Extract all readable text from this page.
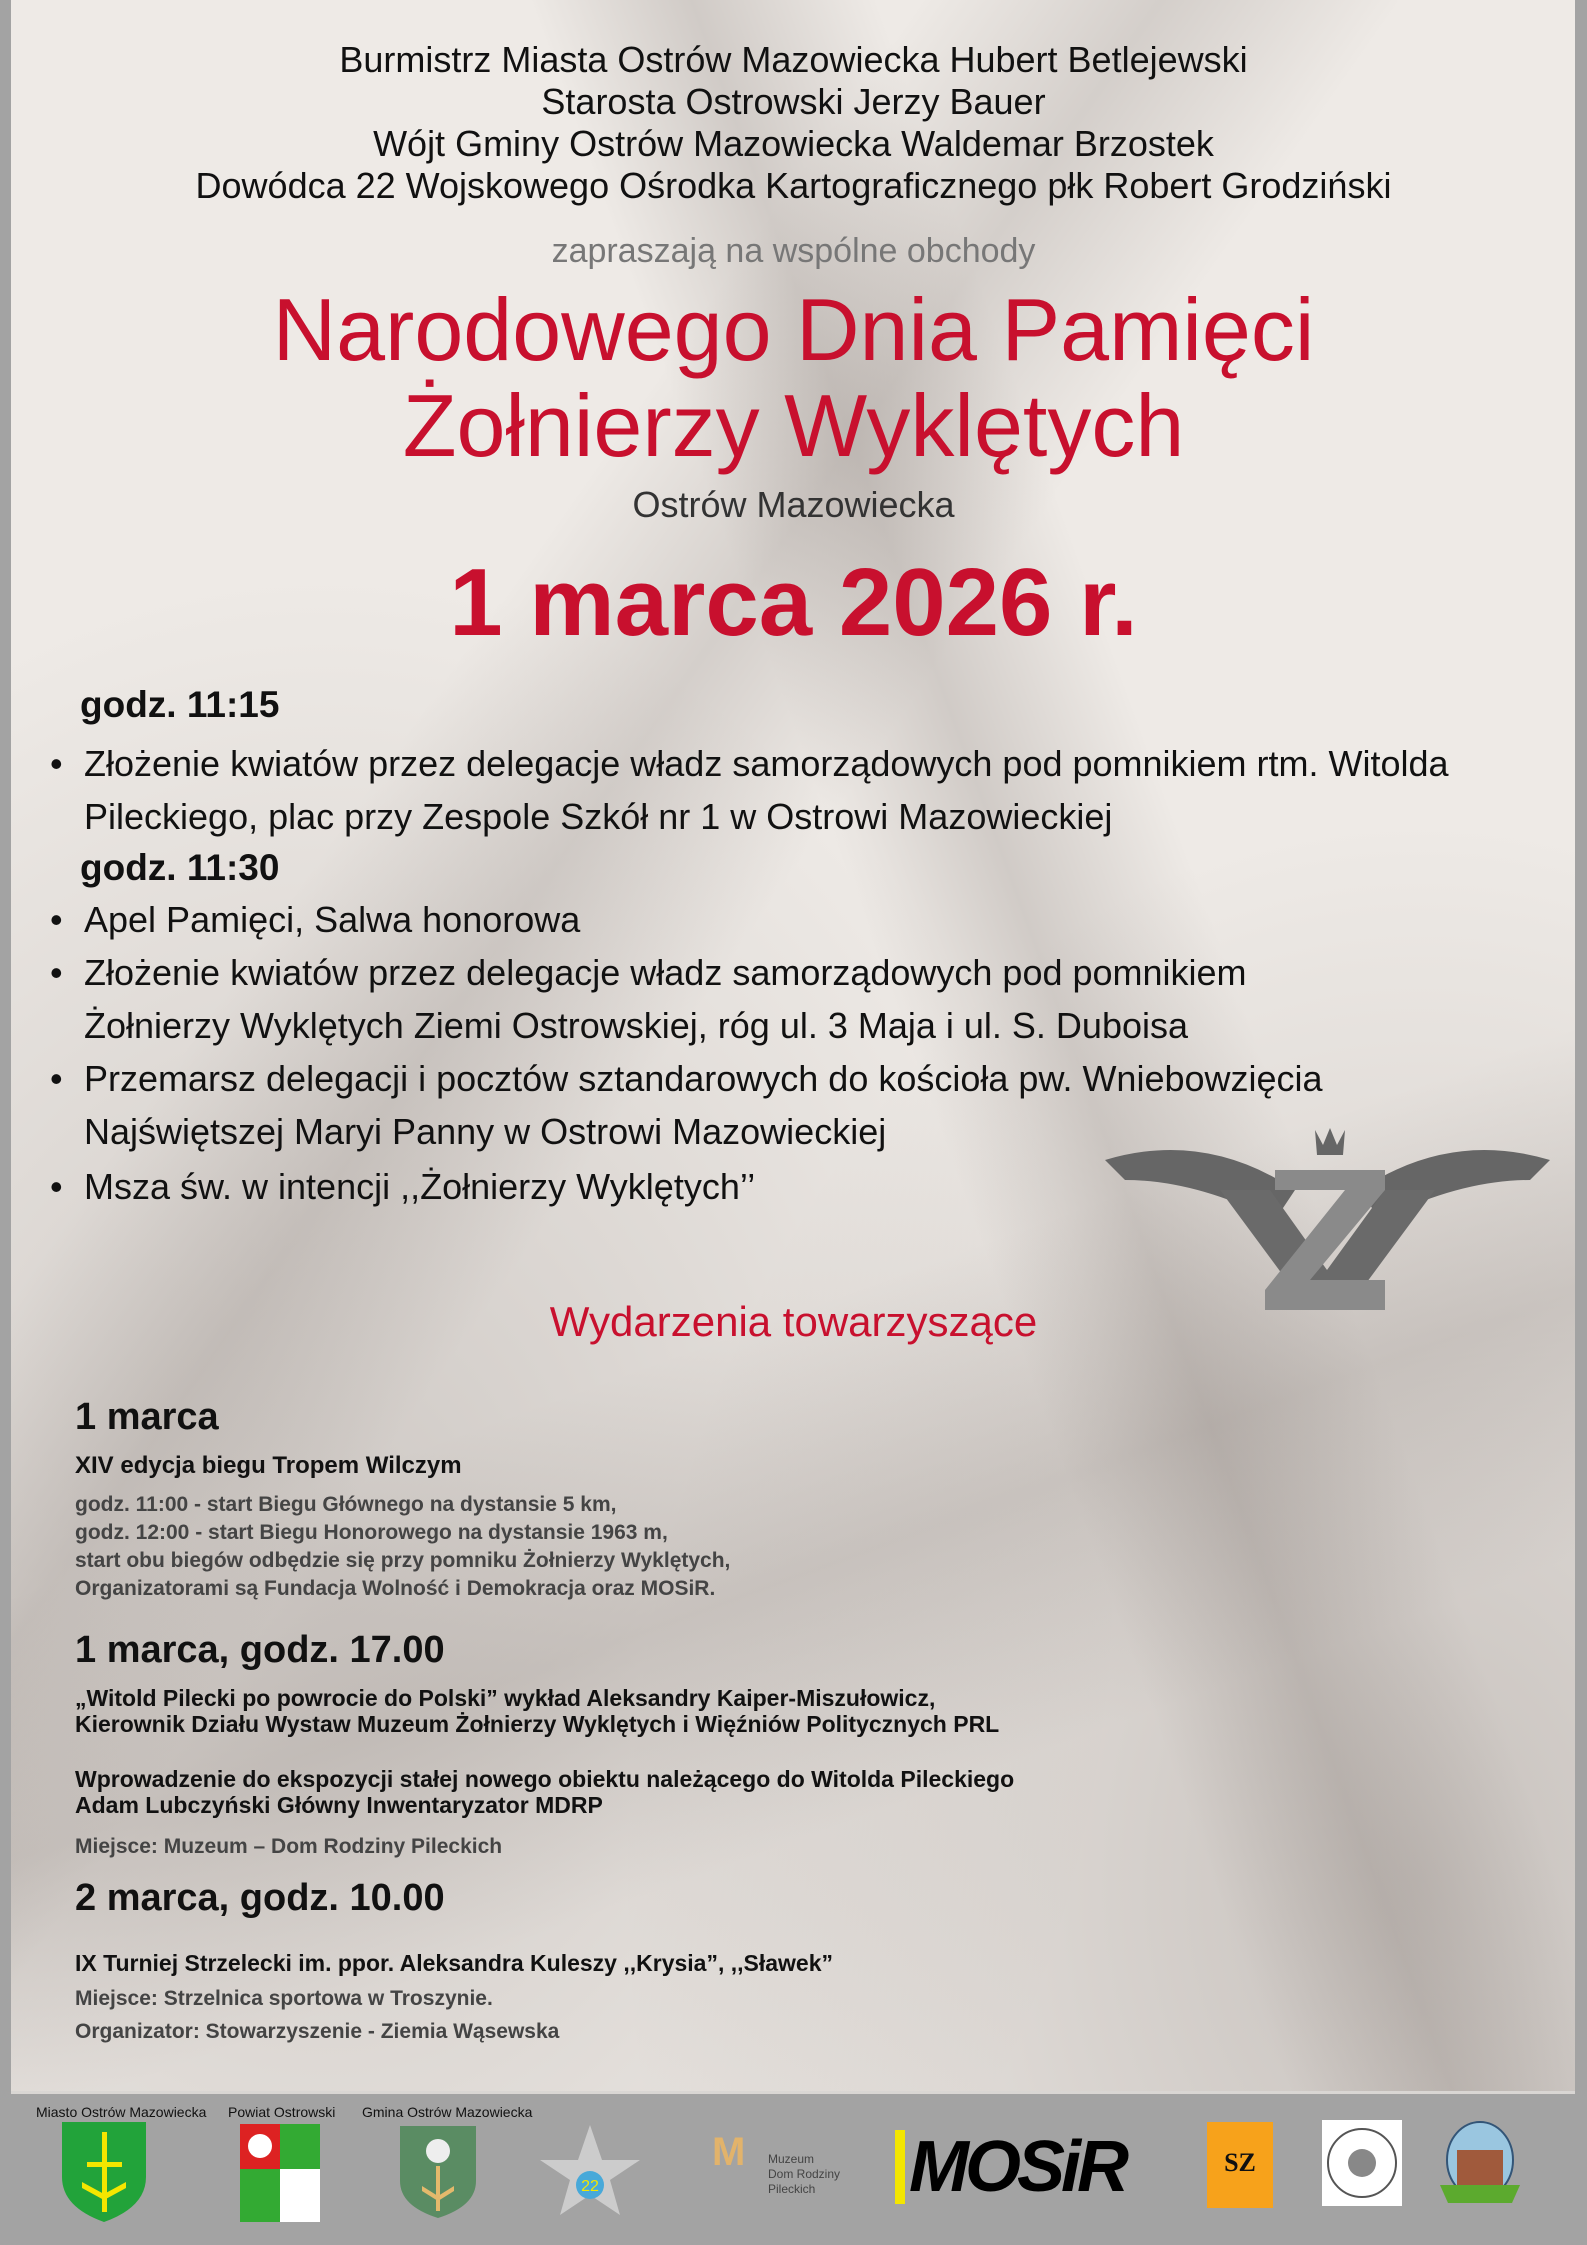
Burmistrz Miasta Ostrów Mazowiecka Hubert Betlejewski
Starosta Ostrowski Jerzy Bauer
Wójt Gminy Ostrów Mazowiecka Waldemar Brzostek
Dowódca 22 Wojskowego Ośrodka Kartograficznego płk Robert Grodziński
zapraszają na wspólne obchody
Narodowego Dnia Pamięci
Żołnierzy Wyklętych
Ostrów Mazowiecka
1 marca 2026 r.
godz. 11:15
• Złożenie kwiatów przez delegacje władz samorządowych pod pomnikiem rtm. Witolda Pileckiego, plac przy Zespole Szkół nr 1 w Ostrowi Mazowieckiej
godz. 11:30
• Apel Pamięci, Salwa honorowa
• Złożenie kwiatów przez delegacje władz samorządowych pod pomnikiem Żołnierzy Wyklętych Ziemi Ostrowskiej, róg ul. 3 Maja i ul. S. Duboisa
• Przemarsz delegacji i pocztów sztandarowych do kościoła pw. Wniebowzięcia Najświętszej Maryi Panny w Ostrowi Mazowieckiej
• Msza św. w intencji ,,Żołnierzy Wyklętych’’
Wydarzenia towarzyszące
1 marca
XIV edycja biegu Tropem Wilczym
godz. 11:00 - start Biegu Głównego na dystansie 5 km,
godz. 12:00 - start Biegu Honorowego na dystansie 1963 m,
start obu biegów odbędzie się przy pomniku Żołnierzy Wyklętych,
Organizatorami są Fundacja Wolność i Demokracja oraz MOSiR.
1 marca, godz. 17.00
„Witold Pilecki po powrocie do Polski” wykład Aleksandry Kaiper-Miszułowicz,
Kierownik Działu Wystaw Muzeum Żołnierzy Wyklętych i Więźniów Politycznych PRL
Wprowadzenie do ekspozycji stałej nowego obiektu należącego do Witolda Pileckiego
Adam Lubczyński Główny Inwentaryzator MDRP
Miejsce: Muzeum – Dom Rodziny Pileckich
2 marca, godz. 10.00
IX Turniej Strzelecki im. ppor. Aleksandra Kuleszy ,,Krysia”, ,,Sławek”
Miejsce: Strzelnica sportowa w Troszynie.
Organizator: Stowarzyszenie - Ziemia Wąsewska
Miasto Ostrów Mazowiecka Powiat Ostrowski Gmina Ostrów Mazowiecka
22
M Muzeum
Dom Rodziny
Pileckich	MOSiR	SZ
